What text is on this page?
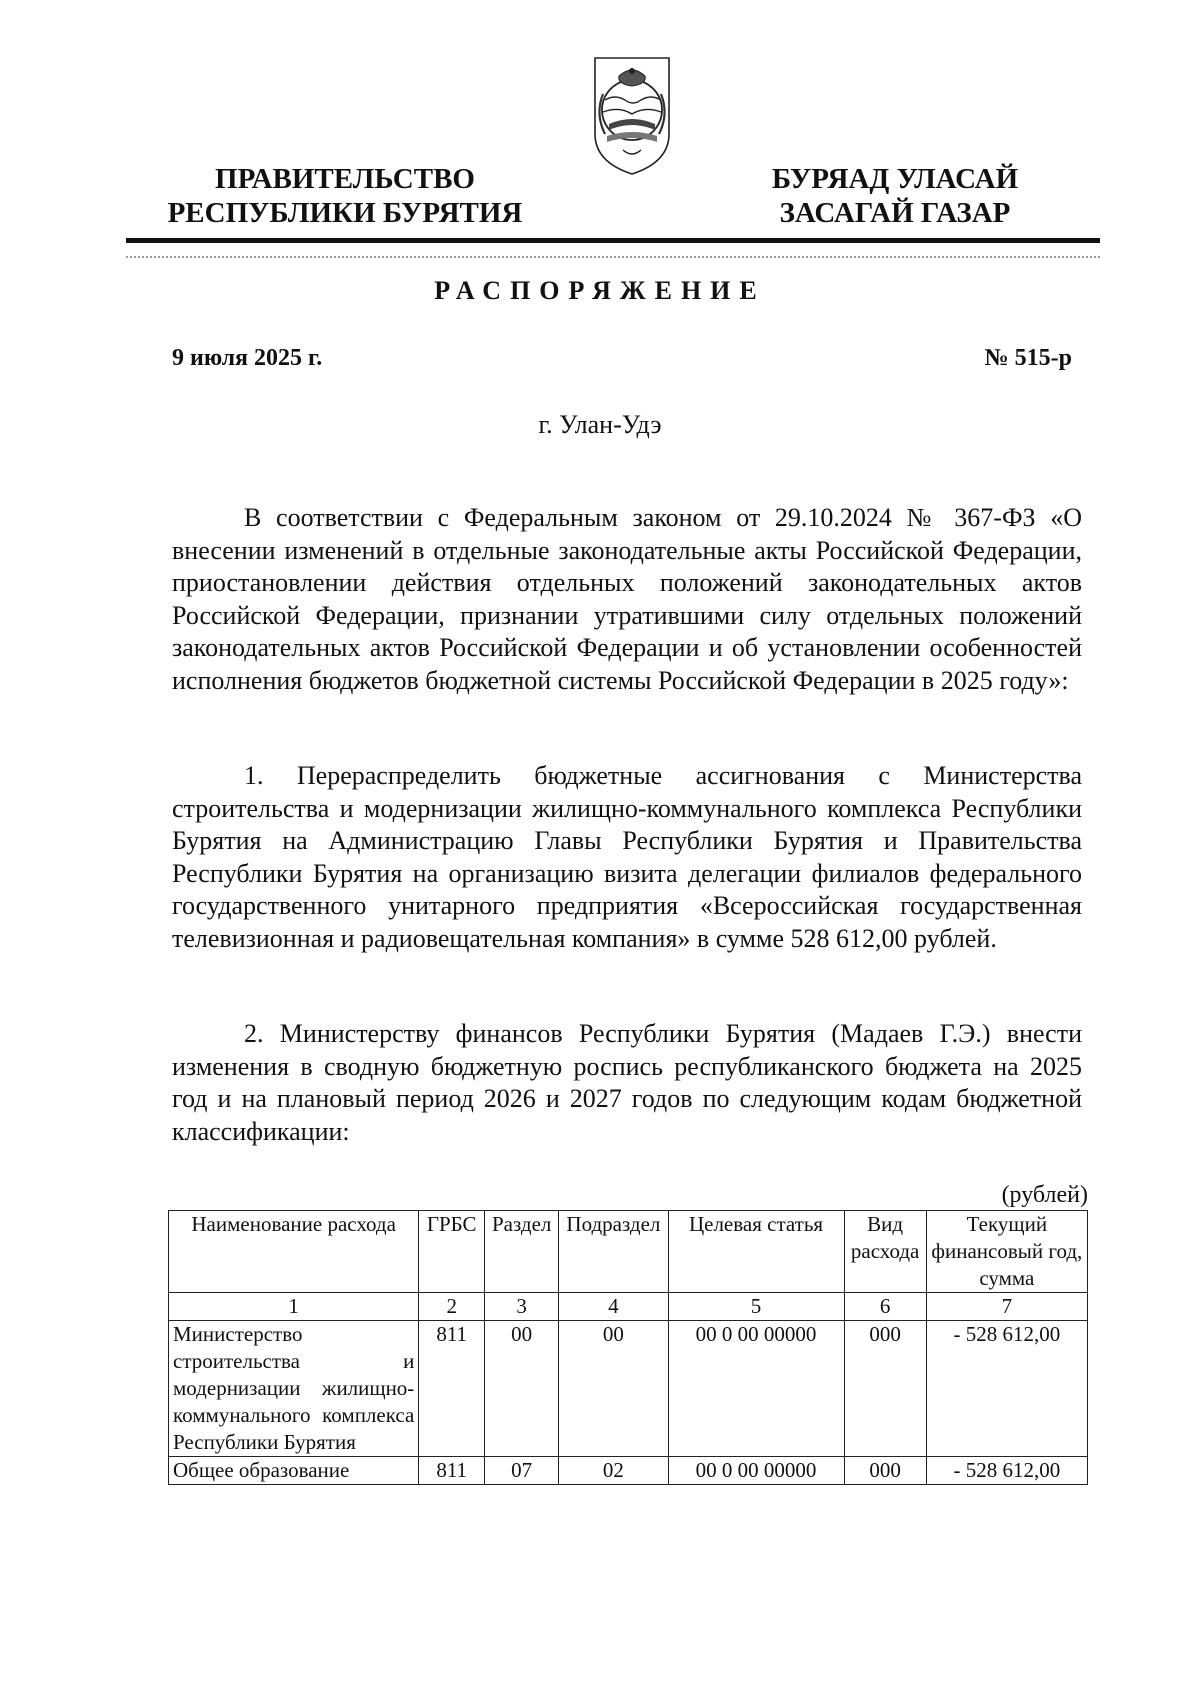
ПРАВИТЕЛЬСТВО
РЕСПУБЛИКИ БУРЯТИЯ
БУРЯАД УЛАСАЙ
ЗАСАГАЙ ГАЗАР
РАСПОРЯЖЕНИЕ
9 июля 2025 г.	№ 515-р
г. Улан-Удэ

В соответствии с Федеральным законом от 29.10.2024 № 367-ФЗ «О внесении изменений в отдельные законодательные акты Российской Федерации, приостановлении действия отдельных положений законодательных актов Российской Федерации, признании утратившими силу отдельных положений законодательных актов Российской Федерации и об установлении особенностей исполнения бюджетов бюджетной системы Российской Федерации в 2025 году»:

1. Перераспределить бюджетные ассигнования с Министерства строительства и модернизации жилищно-коммунального комплекса Республики Бурятия на Администрацию Главы Республики Бурятия и Правительства Республики Бурятия на организацию визита делегации филиалов федерального государственного унитарного предприятия «Всероссийская государственная телевизионная и радиовещательная компания» в сумме 528 612,00 рублей.

2. Министерству финансов Республики Бурятия (Мадаев Г.Э.) внести изменения в сводную бюджетную роспись республиканского бюджета на 2025 год и на плановый период 2026 и 2027 годов по следующим кодам бюджетной классификации:

(рублей)
Наименование расхода	ГРБС	Раздел	Подраздел	Целевая статья	Вид расхода	Текущий финансовый год, сумма
1	2	3	4	5	6	7
Министерство строительства и модернизации жилищно-коммунального комплекса Республики Бурятия	811	00	00	00 0 00 00000	000	- 528 612,00
Общее образование	811	07	02	00 0 00 00000	000	- 528 612,00
